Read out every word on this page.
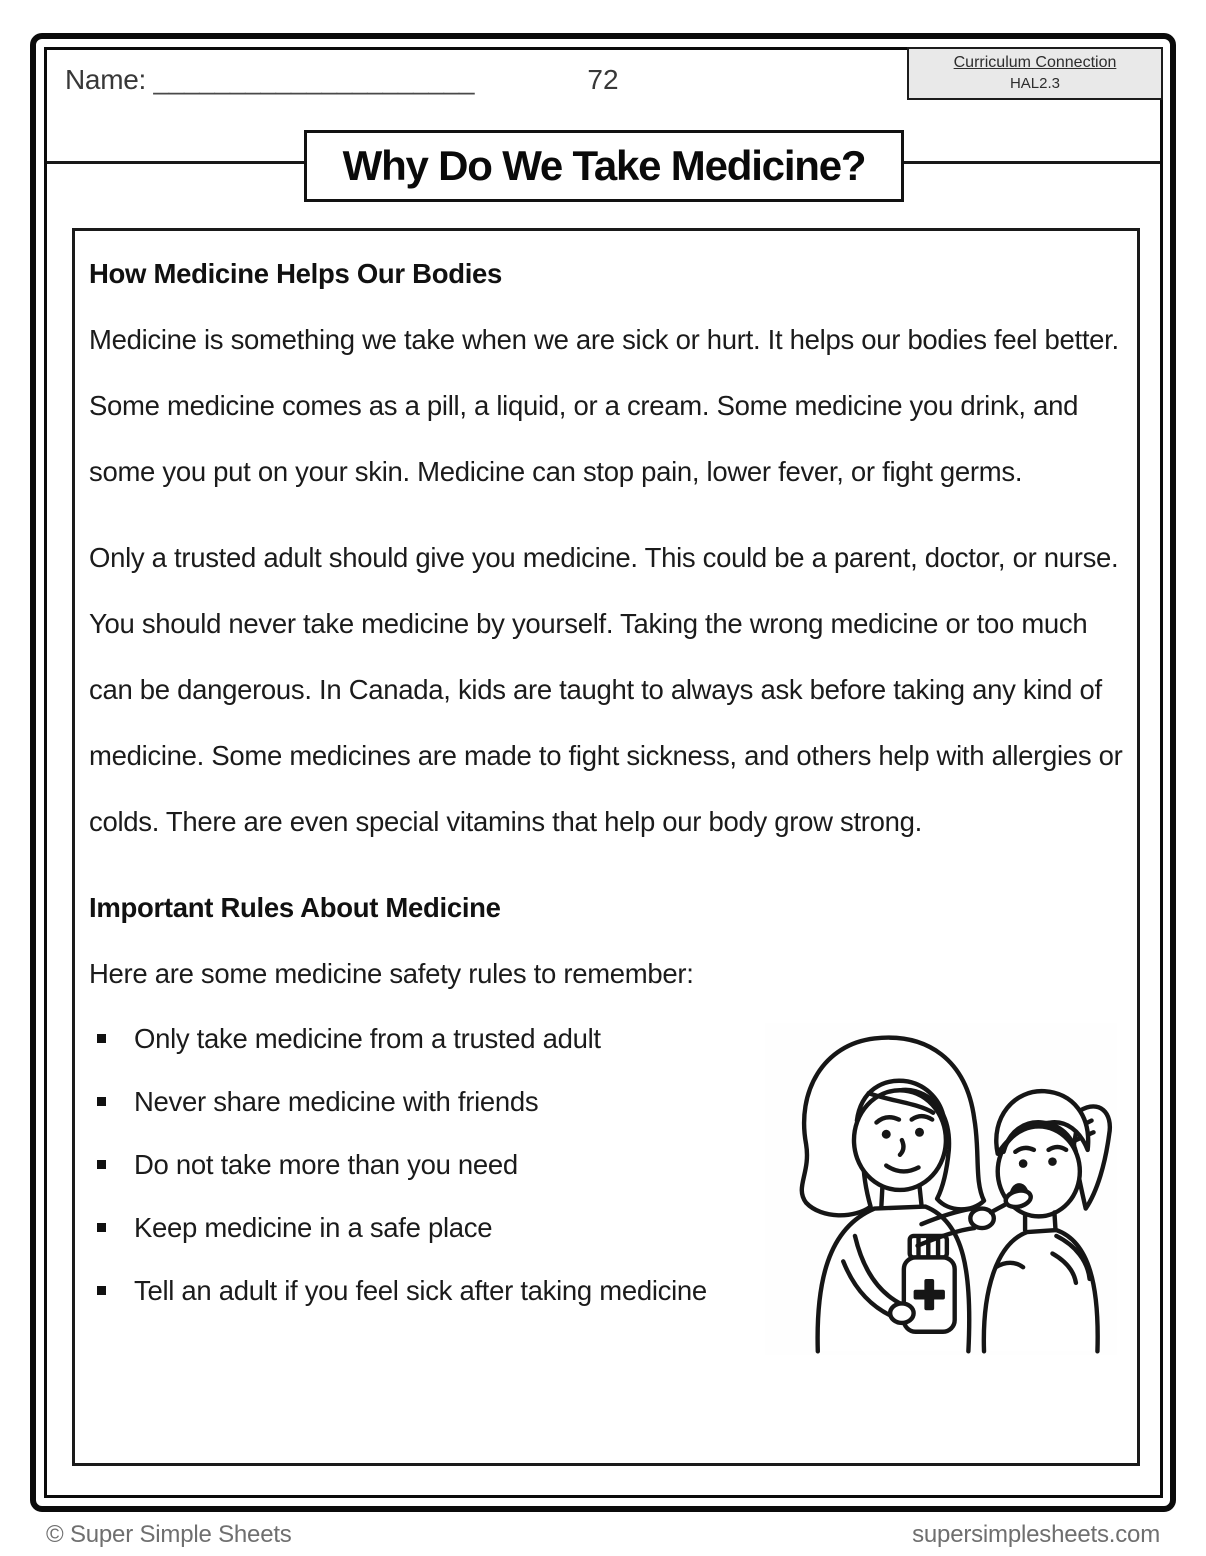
Name: _____________________	72
Curriculum Connection
HAL2.3
Why Do We Take Medicine?
How Medicine Helps Our Bodies

Medicine is something we take when we are sick or hurt. It helps our bodies feel better. Some medicine comes as a pill, a liquid, or a cream. Some medicine you drink, and some you put on your skin. Medicine can stop pain, lower fever, or fight germs.

Only a trusted adult should give you medicine. This could be a parent, doctor, or nurse. You should never take medicine by yourself. Taking the wrong medicine or too much can be dangerous. In Canada, kids are taught to always ask before taking any kind of medicine. Some medicines are made to fight sickness, and others help with allergies or colds. There are even special vitamins that help our body grow strong.

Important Rules About Medicine

Here are some medicine safety rules to remember:

Only take medicine from a trusted adult
Never share medicine with friends
Do not take more than you need
Keep medicine in a safe place
Tell an adult if you feel sick after taking medicine
© Super Simple Sheets	supersimplesheets.com
